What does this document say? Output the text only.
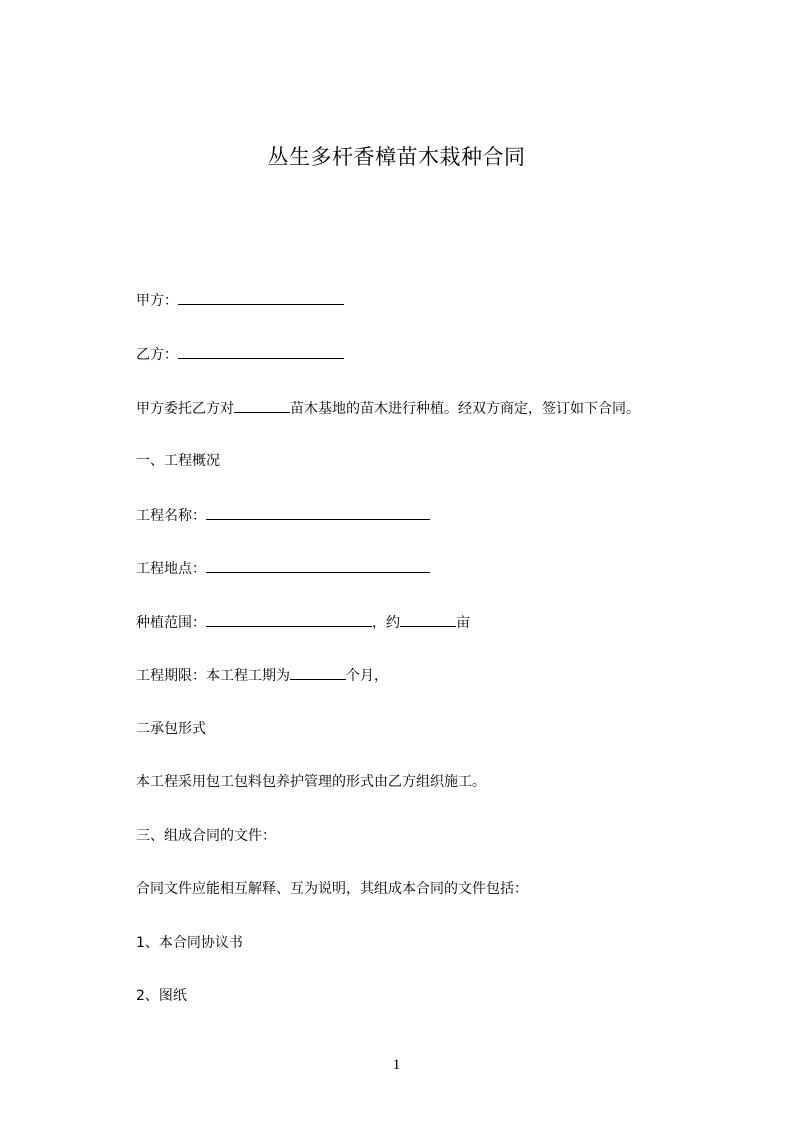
丛生多杆香樟苗木栽种合同
甲方：
乙方：
甲方委托乙方对	苗木基地的苗木进行种植。经双方商定，签订如下合同。
一、工程概况
工程名称：
工程地点：
种植范围：	，约	亩
工程期限：本工程工期为	个月，
二承包形式
本工程采用包工包料包养护管理的形式由乙方组织施工。
三、组成合同的文件：
合同文件应能相互解释、互为说明，其组成本合同的文件包括：
1、本合同协议书
2、图纸
1
